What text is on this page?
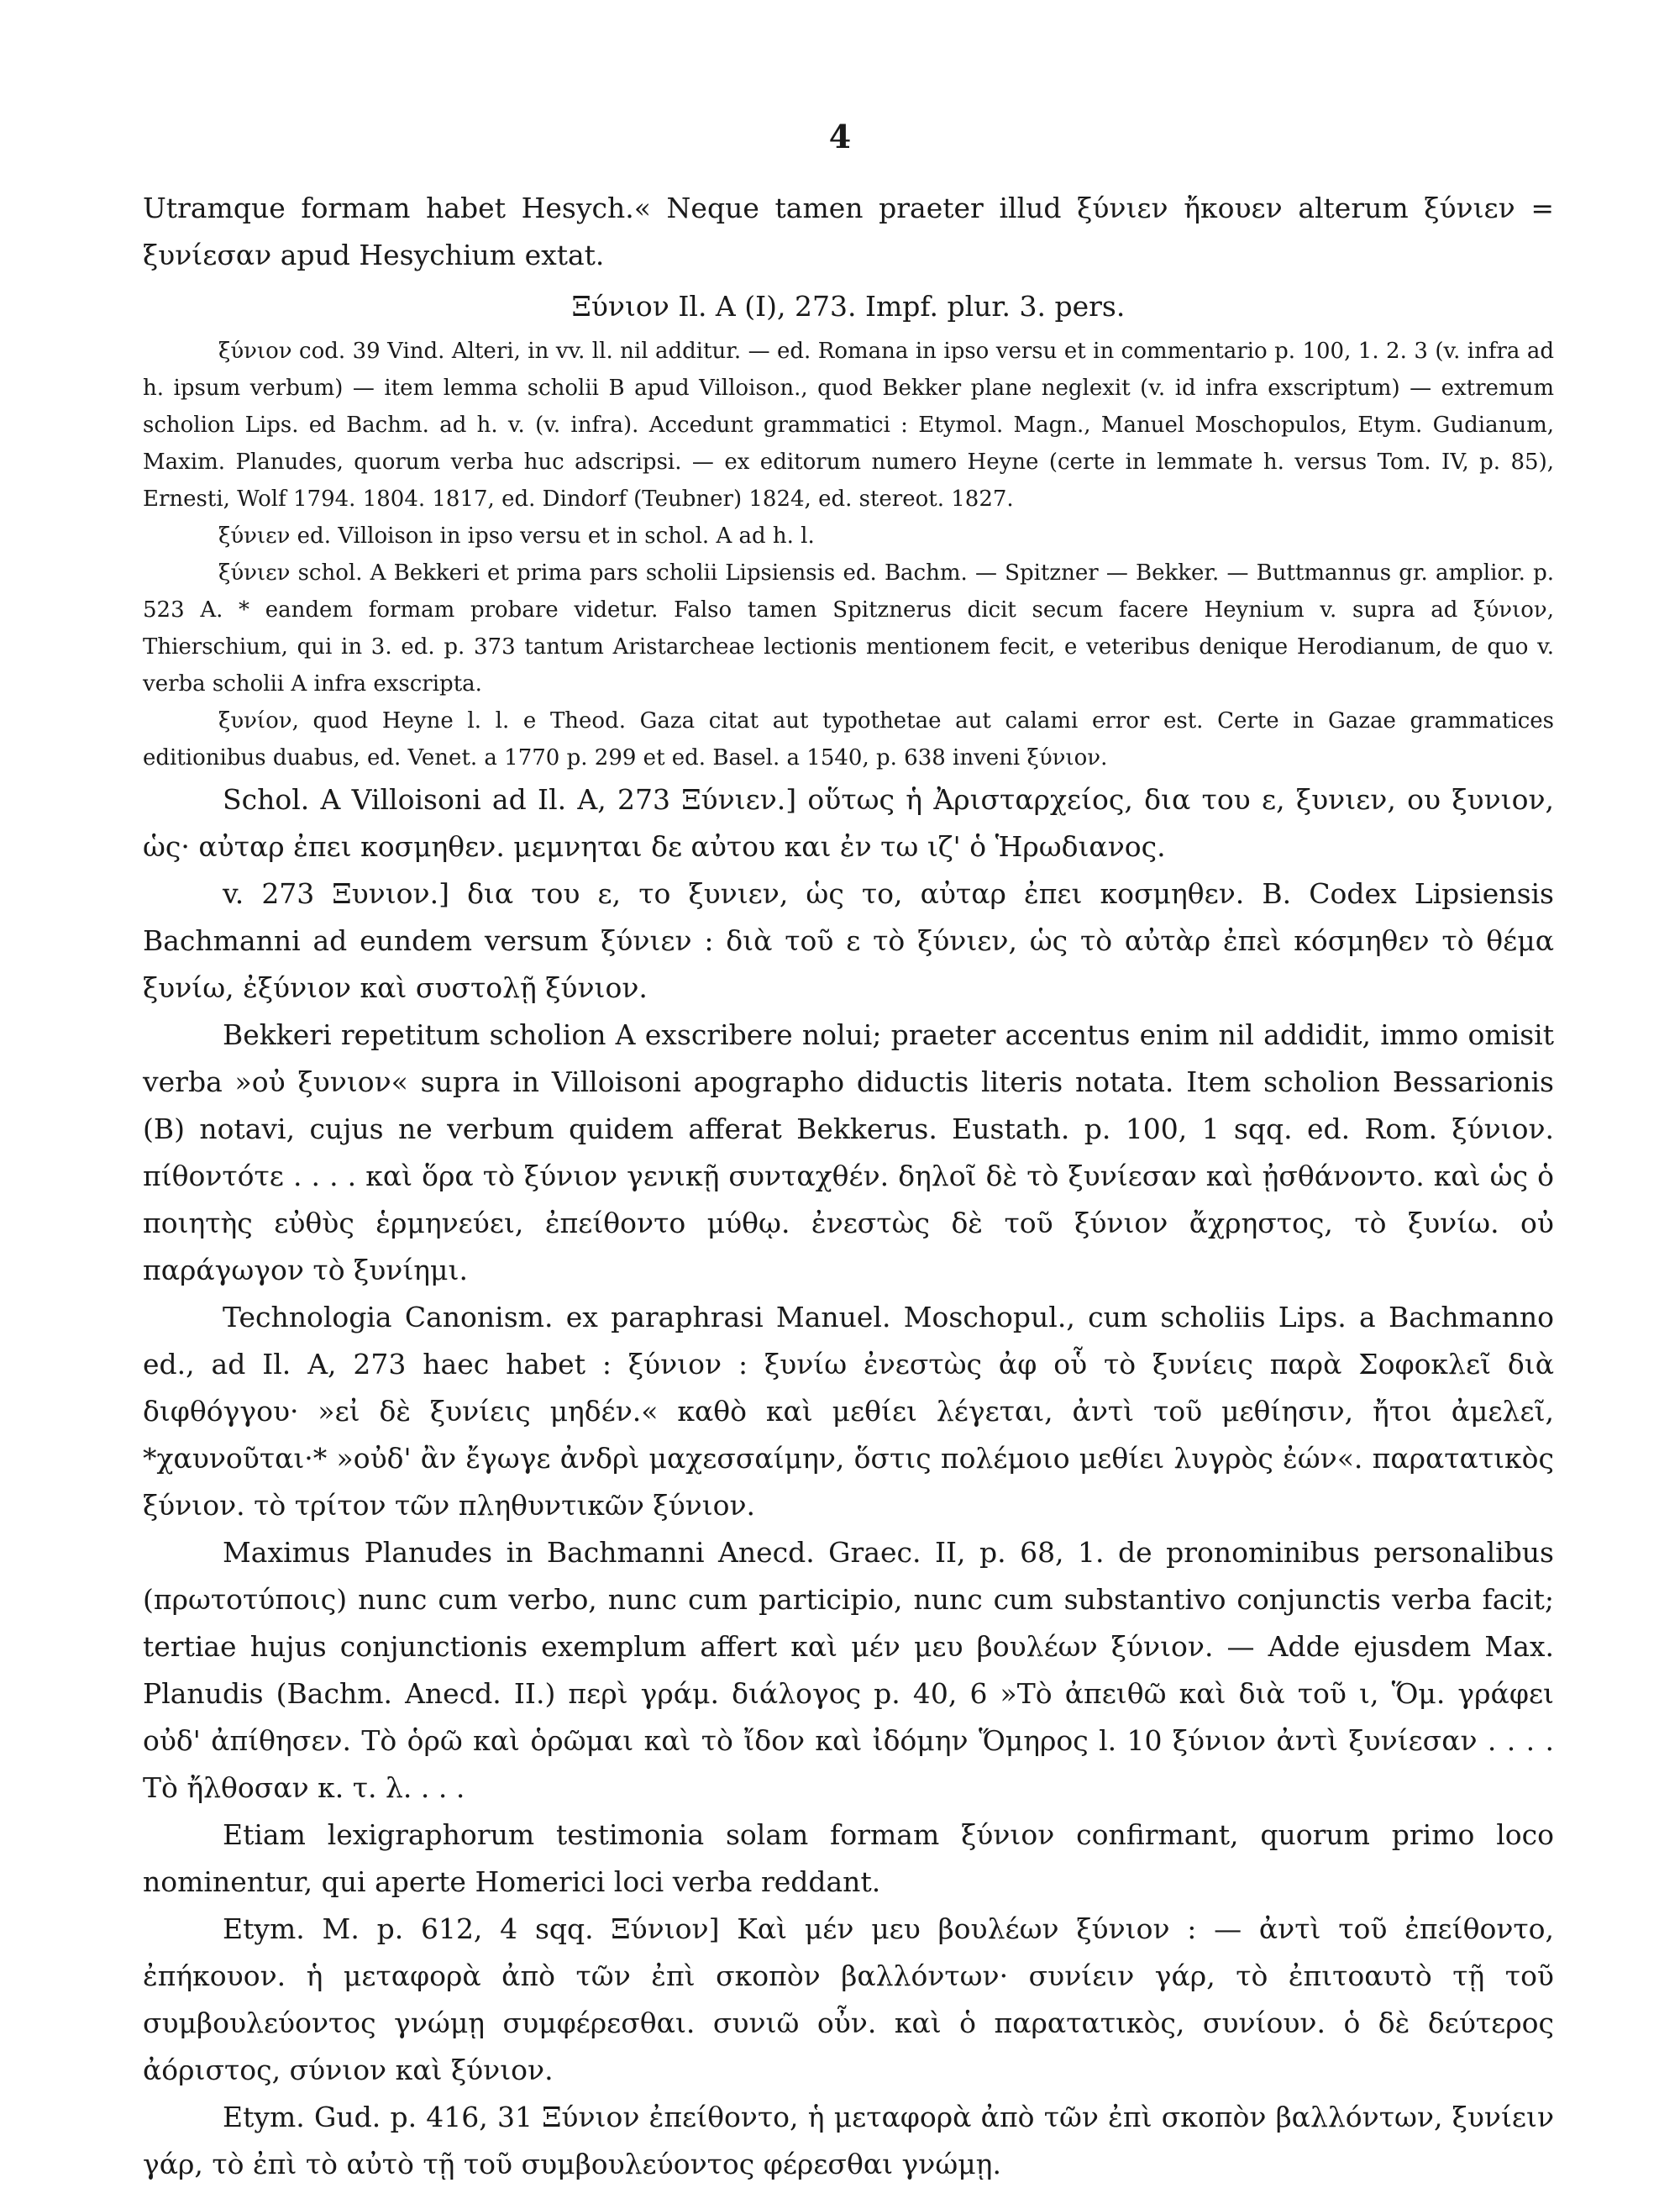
4

Utramque formam habet Hesych.« Neque tamen praeter illud ξύνιεν ἤκουεν alterum ξύνιεν = ξυνίεσαν apud Hesychium extat.

Ξύνιον Il. Α (I), 273. Impf. plur. 3. pers.

ξύνιον cod. 39 Vind. Alteri, in vv. ll. nil additur. — ed. Romana in ipso versu et in commentario p. 100, 1. 2. 3 (v. infra ad h. ipsum verbum) — item lemma scholii B apud Villoison., quod Bekker plane neglexit (v. id infra exscriptum) — extremum scholion Lips. ed Bachm. ad h. v. (v. infra). Accedunt grammatici : Etymol. Magn., Manuel Moschopulos, Etym. Gudianum, Maxim. Planudes, quorum verba huc adscripsi. — ex editorum numero Heyne (certe in lemmate h. versus Tom. IV, p. 85), Ernesti, Wolf 1794. 1804. 1817, ed. Dindorf (Teubner) 1824, ed. stereot. 1827.

ξύνιεν ed. Villoison in ipso versu et in schol. A ad h. l.

ξύνιεν schol. A Bekkeri et prima pars scholii Lipsiensis ed. Bachm. — Spitzner — Bekker. — Buttmannus gr. amplior. p. 523 A. * eandem formam probare videtur. Falso tamen Spitznerus dicit secum facere Heynium v. supra ad ξύνιον, Thierschium, qui in 3. ed. p. 373 tantum Aristarcheae lectionis mentionem fecit, e veteribus denique Herodianum, de quo v. verba scholii A infra exscripta.

ξυνίον, quod Heyne l. l. e Theod. Gaza citat aut typothetae aut calami error est. Certe in Gazae grammatices editionibus duabus, ed. Venet. a 1770 p. 299 et ed. Basel. a 1540, p. 638 inveni ξύνιον.

Schol. Α Villoisoni ad Il. Α, 273 Ξύνιεν.] οὕτως ἡ Ἀρισταρχείος, δια του ε, ξυνιεν, ου ξυνιον, ὡς· αὐταρ ἐπει κοσμηθεν. μεμνηται δε αὐτου και ἐν τω ιζ' ὁ Ἡρωδιανος.

v. 273 Ξυνιον.] δια του ε, το ξυνιεν, ὡς το, αὐταρ ἐπει κοσμηθεν. B. Codex Lipsiensis Bachmanni ad eundem versum ξύνιεν : διὰ τοῦ ε τὸ ξύνιεν, ὡς τὸ αὐτὰρ ἐπεὶ κόσμηθεν τὸ θέμα ξυνίω, ἐξύνιον καὶ συστολῇ ξύνιον.

Bekkeri repetitum scholion Α exscribere nolui; praeter accentus enim nil addidit, immo omisit verba »οὐ ξυνιον« supra in Villoisoni apographo diductis literis notata. Item scholion Bessarionis (B) notavi, cujus ne verbum quidem afferat Bekkerus. Eustath. p. 100, 1 sqq. ed. Rom. ξύνιον. πίθοντότε . . . . καὶ ὅρα τὸ ξύνιον γενικῇ συνταχθέν. δηλοῖ δὲ τὸ ξυνίεσαν καὶ ᾐσθάνοντο. καὶ ὡς ὁ ποιητὴς εὐθὺς ἑρμηνεύει, ἐπείθοντο μύθῳ. ἐνεστὼς δὲ τοῦ ξύνιον ἄχρηστος, τὸ ξυνίω. οὐ παράγωγον τὸ ξυνίημι.

Technologia Canonism. ex paraphrasi Manuel. Moschopul., cum scholiis Lips. a Bachmanno ed., ad Il. A, 273 haec habet : ξύνιον : ξυνίω ἐνεστὼς ἀφ οὗ τὸ ξυνίεις παρὰ Σοφοκλεῖ διὰ διφθόγγου· »εἰ δὲ ξυνίεις μηδέν.« καθὸ καὶ μεθίει λέγεται, ἀντὶ τοῦ μεθίησιν, ἤτοι ἀμελεῖ, *χαυνοῦται·* »οὐδ' ἂν ἔγωγε ἀνδρὶ μαχεσσαίμην, ὅστις πολέμοιο μεθίει λυγρὸς ἐών«. παρατατικὸς ξύνιον. τὸ τρίτον τῶν πληθυντικῶν ξύνιον.

Maximus Planudes in Bachmanni Anecd. Graec. II, p. 68, 1. de pronominibus personalibus (πρωτοτύποις) nunc cum verbo, nunc cum participio, nunc cum substantivo conjunctis verba facit; tertiae hujus conjunctionis exemplum affert καὶ μέν μευ βουλέων ξύνιον. — Adde ejusdem Max. Planudis (Bachm. Anecd. II.) περὶ γράμ. διάλογος p. 40, 6 »Τὸ ἀπειθῶ καὶ διὰ τοῦ ι, Ὅμ. γράφει οὐδ' ἀπίθησεν. Τὸ ὁρῶ καὶ ὁρῶμαι καὶ τὸ ἴδον καὶ ἰδόμην Ὅμηρος l. 10 ξύνιον ἀντὶ ξυνίεσαν . . . . Τὸ ἤλθοσαν κ. τ. λ. . . .

Etiam lexigraphorum testimonia solam formam ξύνιον confirmant, quorum primo loco nominentur, qui aperte Homerici loci verba reddant.

Etym. M. p. 612, 4 sqq. Ξύνιον] Καὶ μέν μευ βουλέων ξύνιον : — ἀντὶ τοῦ ἐπείθοντο, ἐπήκουον. ἡ μεταφορὰ ἀπὸ τῶν ἐπὶ σκοπὸν βαλλόντων· συνίειν γάρ, τὸ ἐπιτοαυτὸ τῇ τοῦ συμβουλεύοντος γνώμῃ συμφέρεσθαι. συνιῶ οὖν. καὶ ὁ παρατατικὸς, συνίουν. ὁ δὲ δεύτερος ἀόριστος, σύνιον καὶ ξύνιον.

Etym. Gud. p. 416, 31 Ξύνιον ἐπείθοντο, ἡ μεταφορὰ ἀπὸ τῶν ἐπὶ σκοπὸν βαλλόντων, ξυνίειν γάρ, τὸ ἐπὶ τὸ αὐτὸ τῇ τοῦ συμβουλεύοντος φέρεσθαι γνώμῃ.
